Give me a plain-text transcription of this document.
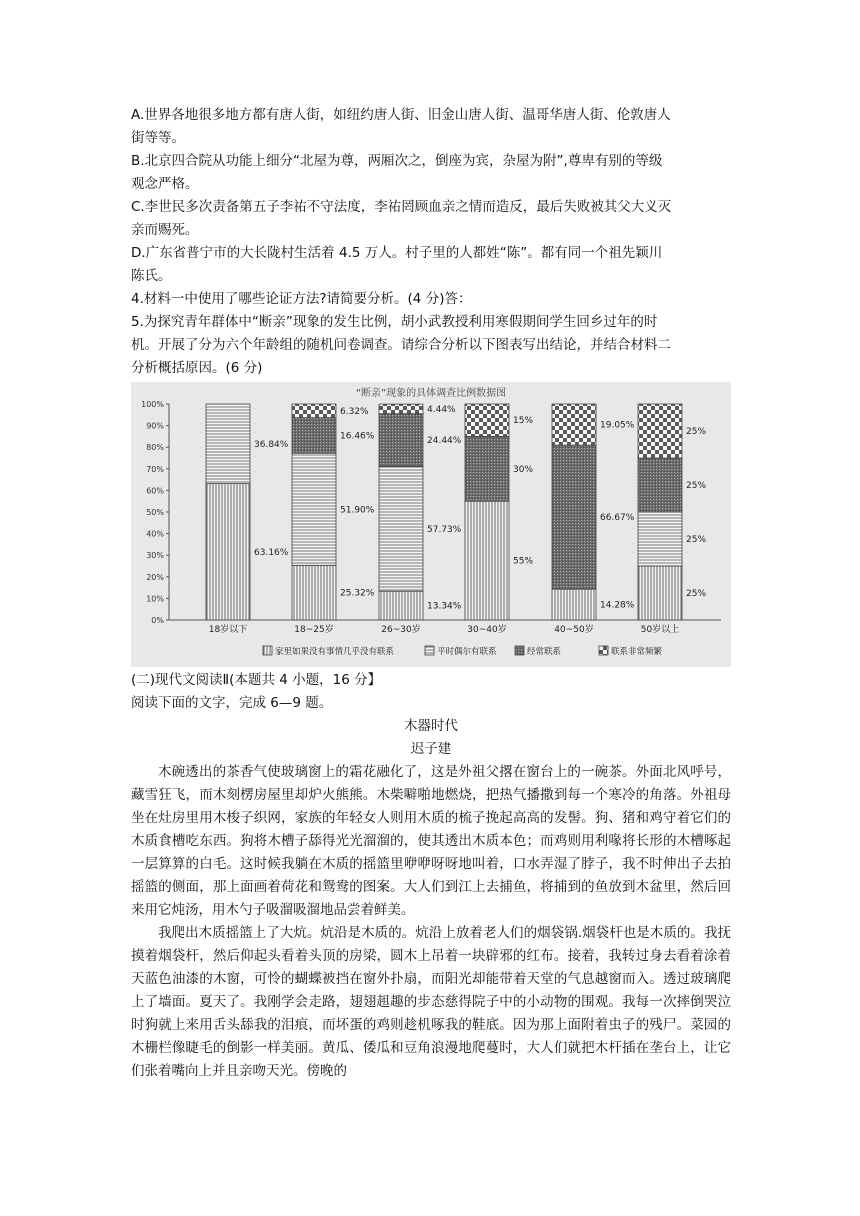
A.世界各地很多地方都有唐人街，如纽约唐人街、旧金山唐人街、温哥华唐人街、伦敦唐人

街等等。

B.北京四合院从功能上细分“北屋为尊，两厢次之，倒座为宾，杂屋为附”,尊卑有别的等级

观念严格。

C.李世民多次责备第五子李祐不守法度，李祐罔顾血亲之情而造反，最后失败被其父大义灭

亲而赐死。

D.广东省普宁市的大长陇村生活着 4.5 万人。村子里的人都姓“陈”。都有同一个祖先颖川

陈氏。

4.材料一中使用了哪些论证方法?请简要分析。(4 分)答：

5.为探究青年群体中“断亲”现象的发生比例，胡小武教授利用寒假期间学生回乡过年的时

机。开展了分为六个年龄组的随机问卷调查。请综合分析以下图表写出结论，并结合材料二

分析概括原因。(6 分)

“断亲”现象的具体调查比例数据图
0%
10%
20%
30%
40%
50%
60%
70%
80%
90%
100%
63.16%
36.84%
18岁以下
25.32%
51.90%
16.46%
6.32%
18~25岁
13.34%
57.73%
24.44%
4.44%
26~30岁
55%
30%
15%
30~40岁
14.28%
66.67%
19.05%
40~50岁
25%
25%
25%
25%
50岁以上
家里如果没有事情几乎没有联系	平时偶尔有联系	经常联系	联系非常频繁

(二)现代文阅读Ⅱ(本题共 4 小题，16 分】

阅读下面的文字，完成 6—9 题。

木器时代

迟子建

木碗透出的茶香气使玻璃窗上的霜花融化了，这是外祖父撂在窗台上的一碗茶。外面北风呼号，藏雪狂飞，而木刻楞房屋里却炉火熊熊。木柴噼啪地燃烧，把热气播撒到每一个寒冷的角落。外祖母坐在灶房里用木梭子织网，家族的年轻女人则用木质的梳子挽起高高的发髻。狗、猪和鸡守着它们的木质食槽吃东西。狗将木槽子舔得光光溜溜的，使其透出木质本色；而鸡则用利喙将长形的木槽啄起一层算算的白毛。这时候我躺在木质的摇篮里咿咿呀呀地叫着，口水弄湿了脖子，我不时伸出子去拍摇篮的侧面，那上面画着荷花和鸳鸯的图案。大人们到江上去捕鱼，将捕到的鱼放到木盆里，然后回来用它炖汤，用木勺子吸溜吸溜地品尝着鲜美。

我爬出木质摇篮上了大炕。炕沿是木质的。炕沿上放着老人们的烟袋锅.烟袋杆也是木质的。我抚摸着烟袋杆，然后仰起头看着头顶的房梁，圆木上吊着一块辟邪的红布。接着，我转过身去看着涂着天蓝色油漆的木窗，可怜的蝴蝶被挡在窗外扑扇，而阳光却能带着天堂的气息越窗而入。透过玻璃爬上了墙面。夏天了。我刚学会走路，翅翅趄趣的步态慈得院子中的小动物的围观。我每一次摔倒哭泣时狗就上来用舌头舔我的泪痕，而坏蛋的鸡则趁机啄我的鞋底。因为那上面附着虫子的残尸。菜园的木栅栏像睫毛的倒影一样美丽。黄瓜、倭瓜和豆角浪漫地爬蔓时，大人们就把木杆插在垄台上，让它们张着嘴向上并且亲吻天光。傍晚的
